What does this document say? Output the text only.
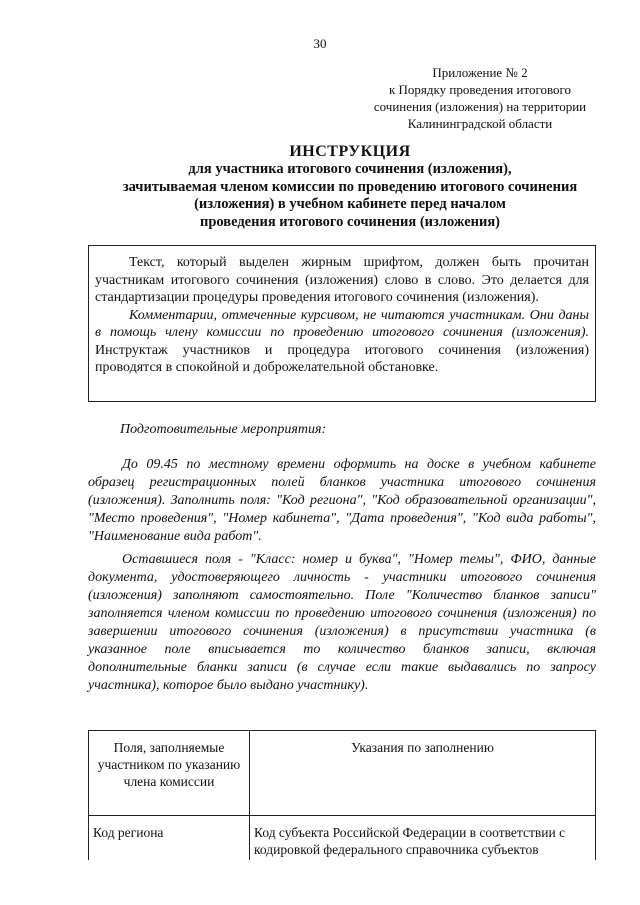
30
Приложение № 2
к Порядку проведения итогового
сочинения (изложения) на территории
Калининградской области
ИНСТРУКЦИЯ
для участника итогового сочинения (изложения),
зачитываемая членом комиссии по проведению итогового сочинения
(изложения) в учебном кабинете перед началом
проведения итогового сочинения (изложения)

Текст, который выделен жирным шрифтом, должен быть прочитан участникам итогового сочинения (изложения) слово в слово. Это делается для стандартизации процедуры проведения итогового сочинения (изложения).

Комментарии, отмеченные курсивом, не читаются участникам. Они даны в помощь члену комиссии по проведению итогового сочинения (изложения). Инструктаж участников и процедура итогового сочинения (изложения) проводятся в спокойной и доброжелательной обстановке.

Подготовительные мероприятия:

До 09.45 по местному времени оформить на доске в учебном кабинете образец регистрационных полей бланков участника итогового сочинения (изложения). Заполнить поля: "Код региона", "Код образовательной организации", "Место проведения", "Номер кабинета", "Дата проведения", "Код вида работы", "Наименование вида работ".

Оставшиеся поля - "Класс: номер и буква", "Номер темы", ФИО, данные документа, удостоверяющего личность - участники итогового сочинения (изложения) заполняют самостоятельно. Поле "Количество бланков записи" заполняется членом комиссии по проведению итогового сочинения (изложения) по завершении итогового сочинения (изложения) в присутствии участника (в указанное поле вписывается то количество бланков записи, включая дополнительные бланки записи (в случае если такие выдавались по запросу участника), которое было выдано участнику).

Поля, заполняемые участником по указанию члена комиссии	Указания по заполнению
Код региона	Код субъекта Российской Федерации в соответствии с кодировкой федерального справочника субъектов
